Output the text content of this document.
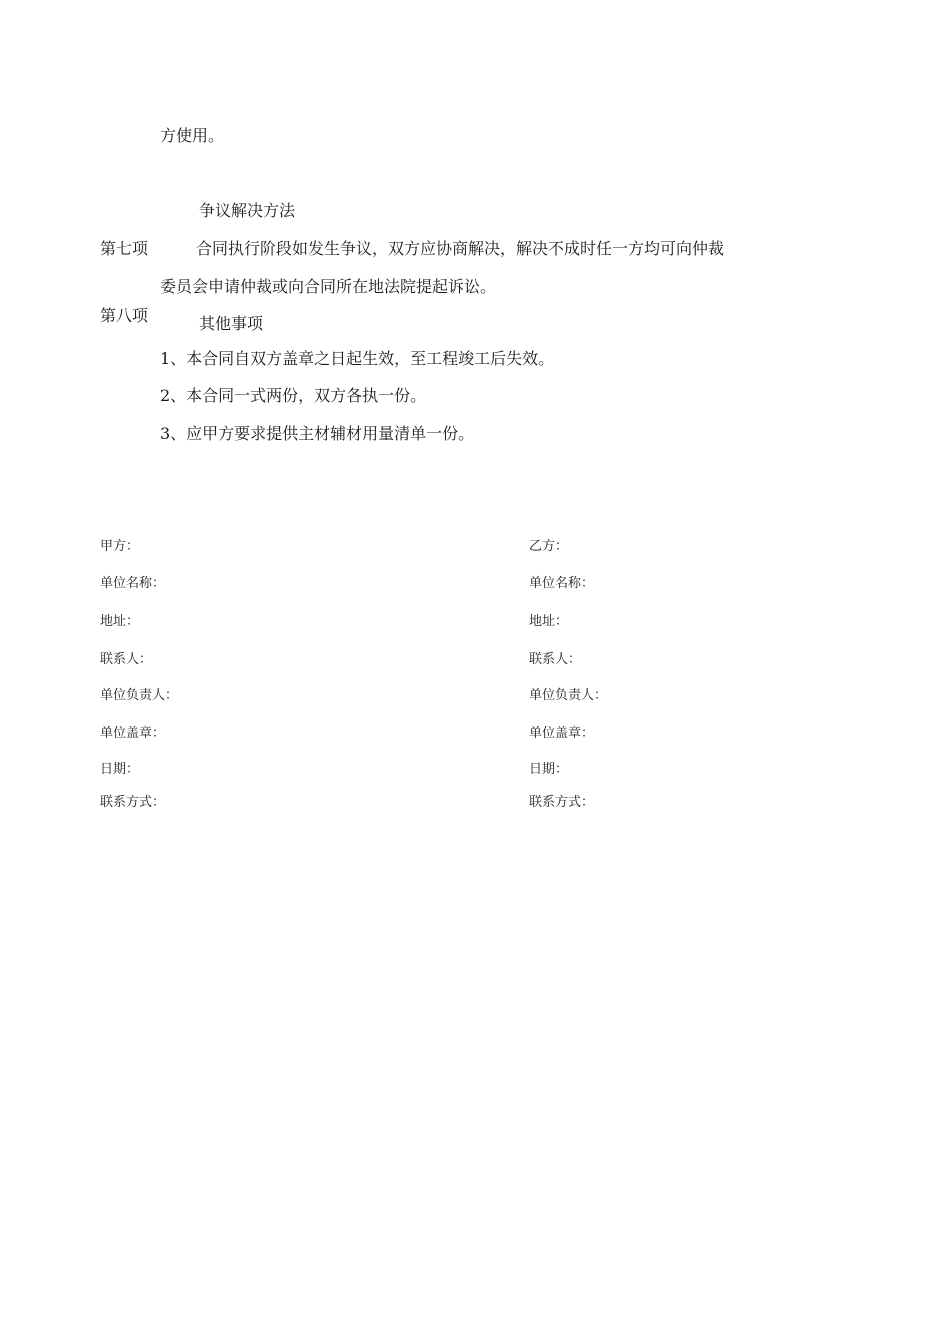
方使用。
争议解决方法
第七项	合同执行阶段如发生争议，双方应协商解决，解决不成时任一方均可向仲裁
委员会申请仲裁或向合同所在地法院提起诉讼。
第八项	其他事项
1、本合同自双方盖章之日起生效，至工程竣工后失效。
2、本合同一式两份，双方各执一份。
3、应甲方要求提供主材辅材用量清单一份。
甲方：
单位名称：
地址：
联系人：
单位负责人：
单位盖章：
日期：
联系方式：
乙方：
单位名称：
地址：
联系人：
单位负责人：
单位盖章：
日期：
联系方式：
